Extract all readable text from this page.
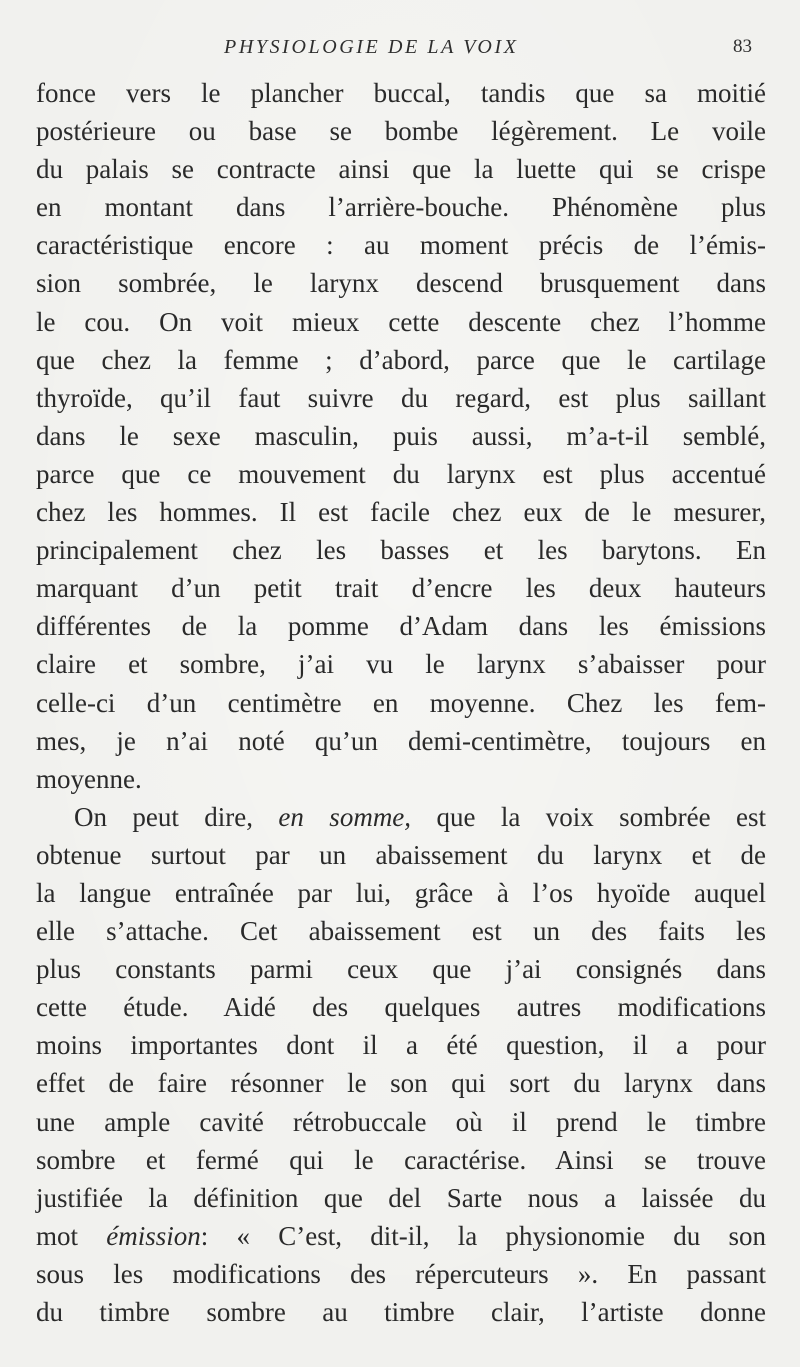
PHYSIOLOGIE DE LA VOIX	83
fonce vers le plancher buccal, tandis que sa moitié
postérieure ou base se bombe légèrement. Le voile
du palais se contracte ainsi que la luette qui se crispe
en montant dans l’arrière-bouche. Phénomène plus
caractéristique encore : au moment précis de l’émis-
sion sombrée, le larynx descend brusquement dans
le cou. On voit mieux cette descente chez l’homme
que chez la femme ; d’abord, parce que le cartilage
thyroïde, qu’il faut suivre du regard, est plus saillant
dans le sexe masculin, puis aussi, m’a-t-il semblé,
parce que ce mouvement du larynx est plus accentué
chez les hommes. Il est facile chez eux de le mesurer,
principalement chez les basses et les barytons. En
marquant d’un petit trait d’encre les deux hauteurs
différentes de la pomme d’Adam dans les émissions
claire et sombre, j’ai vu le larynx s’abaisser pour
celle-ci d’un centimètre en moyenne. Chez les fem-
mes, je n’ai noté qu’un demi-centimètre, toujours en
moyenne.
On peut dire, en somme, que la voix sombrée est
obtenue surtout par un abaissement du larynx et de
la langue entraînée par lui, grâce à l’os hyoïde auquel
elle s’attache. Cet abaissement est un des faits les
plus constants parmi ceux que j’ai consignés dans
cette étude. Aidé des quelques autres modifications
moins importantes dont il a été question, il a pour
effet de faire résonner le son qui sort du larynx dans
une ample cavité rétrobuccale où il prend le timbre
sombre et fermé qui le caractérise. Ainsi se trouve
justifiée la définition que del Sarte nous a laissée du
mot émission: « C’est, dit-il, la physionomie du son
sous les modifications des répercuteurs ». En passant
du timbre sombre au timbre clair, l’artiste donne
